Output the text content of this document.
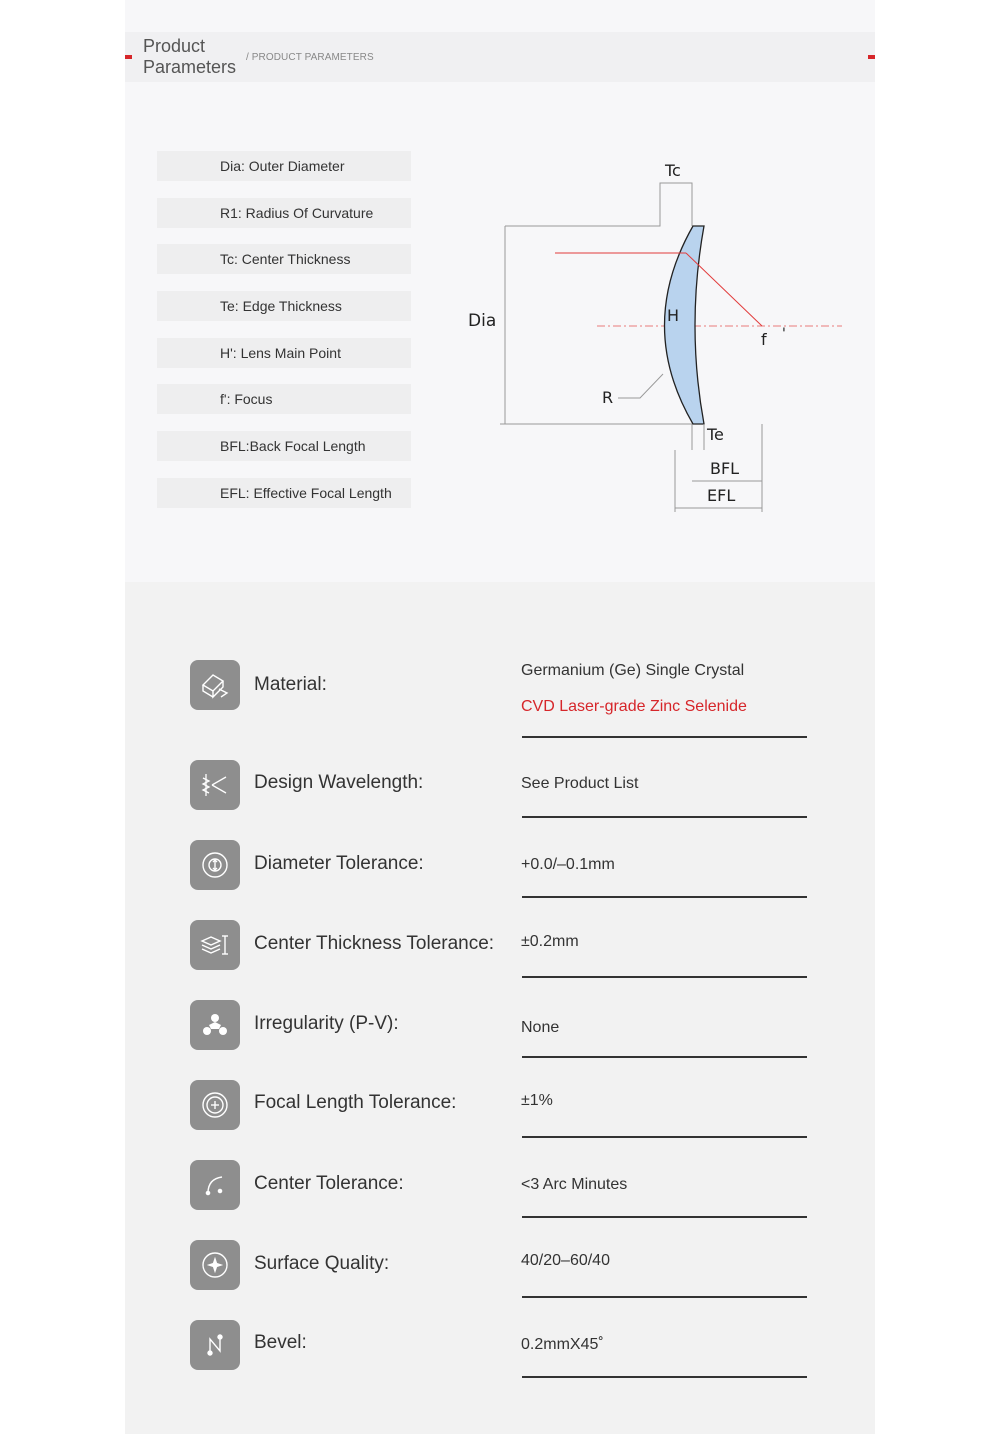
Product
Parameters / PRODUCT PARAMETERS
Dia: Outer Diameter
R1: Radius Of Curvature
Tc: Center Thickness
Te: Edge Thickness
H': Lens Main Point
f': Focus
BFL:Back Focal Length
EFL: Effective Focal Length
Tc
Dia	H
f '
R
Te
BFL
EFL
Material:
Germanium (Ge) Single Crystal
CVD Laser-grade Zinc Selenide
Design Wavelength:	See Product List
Diameter Tolerance:	+0.0/–0.1mm
Center Thickness Tolerance: ±0.2mm
Irregularity (P-V):	None
Focal Length Tolerance:	±1%
Center Tolerance:	<3 Arc Minutes
Surface Quality:	40/20–60/40
Bevel:	0.2mmX45˚
